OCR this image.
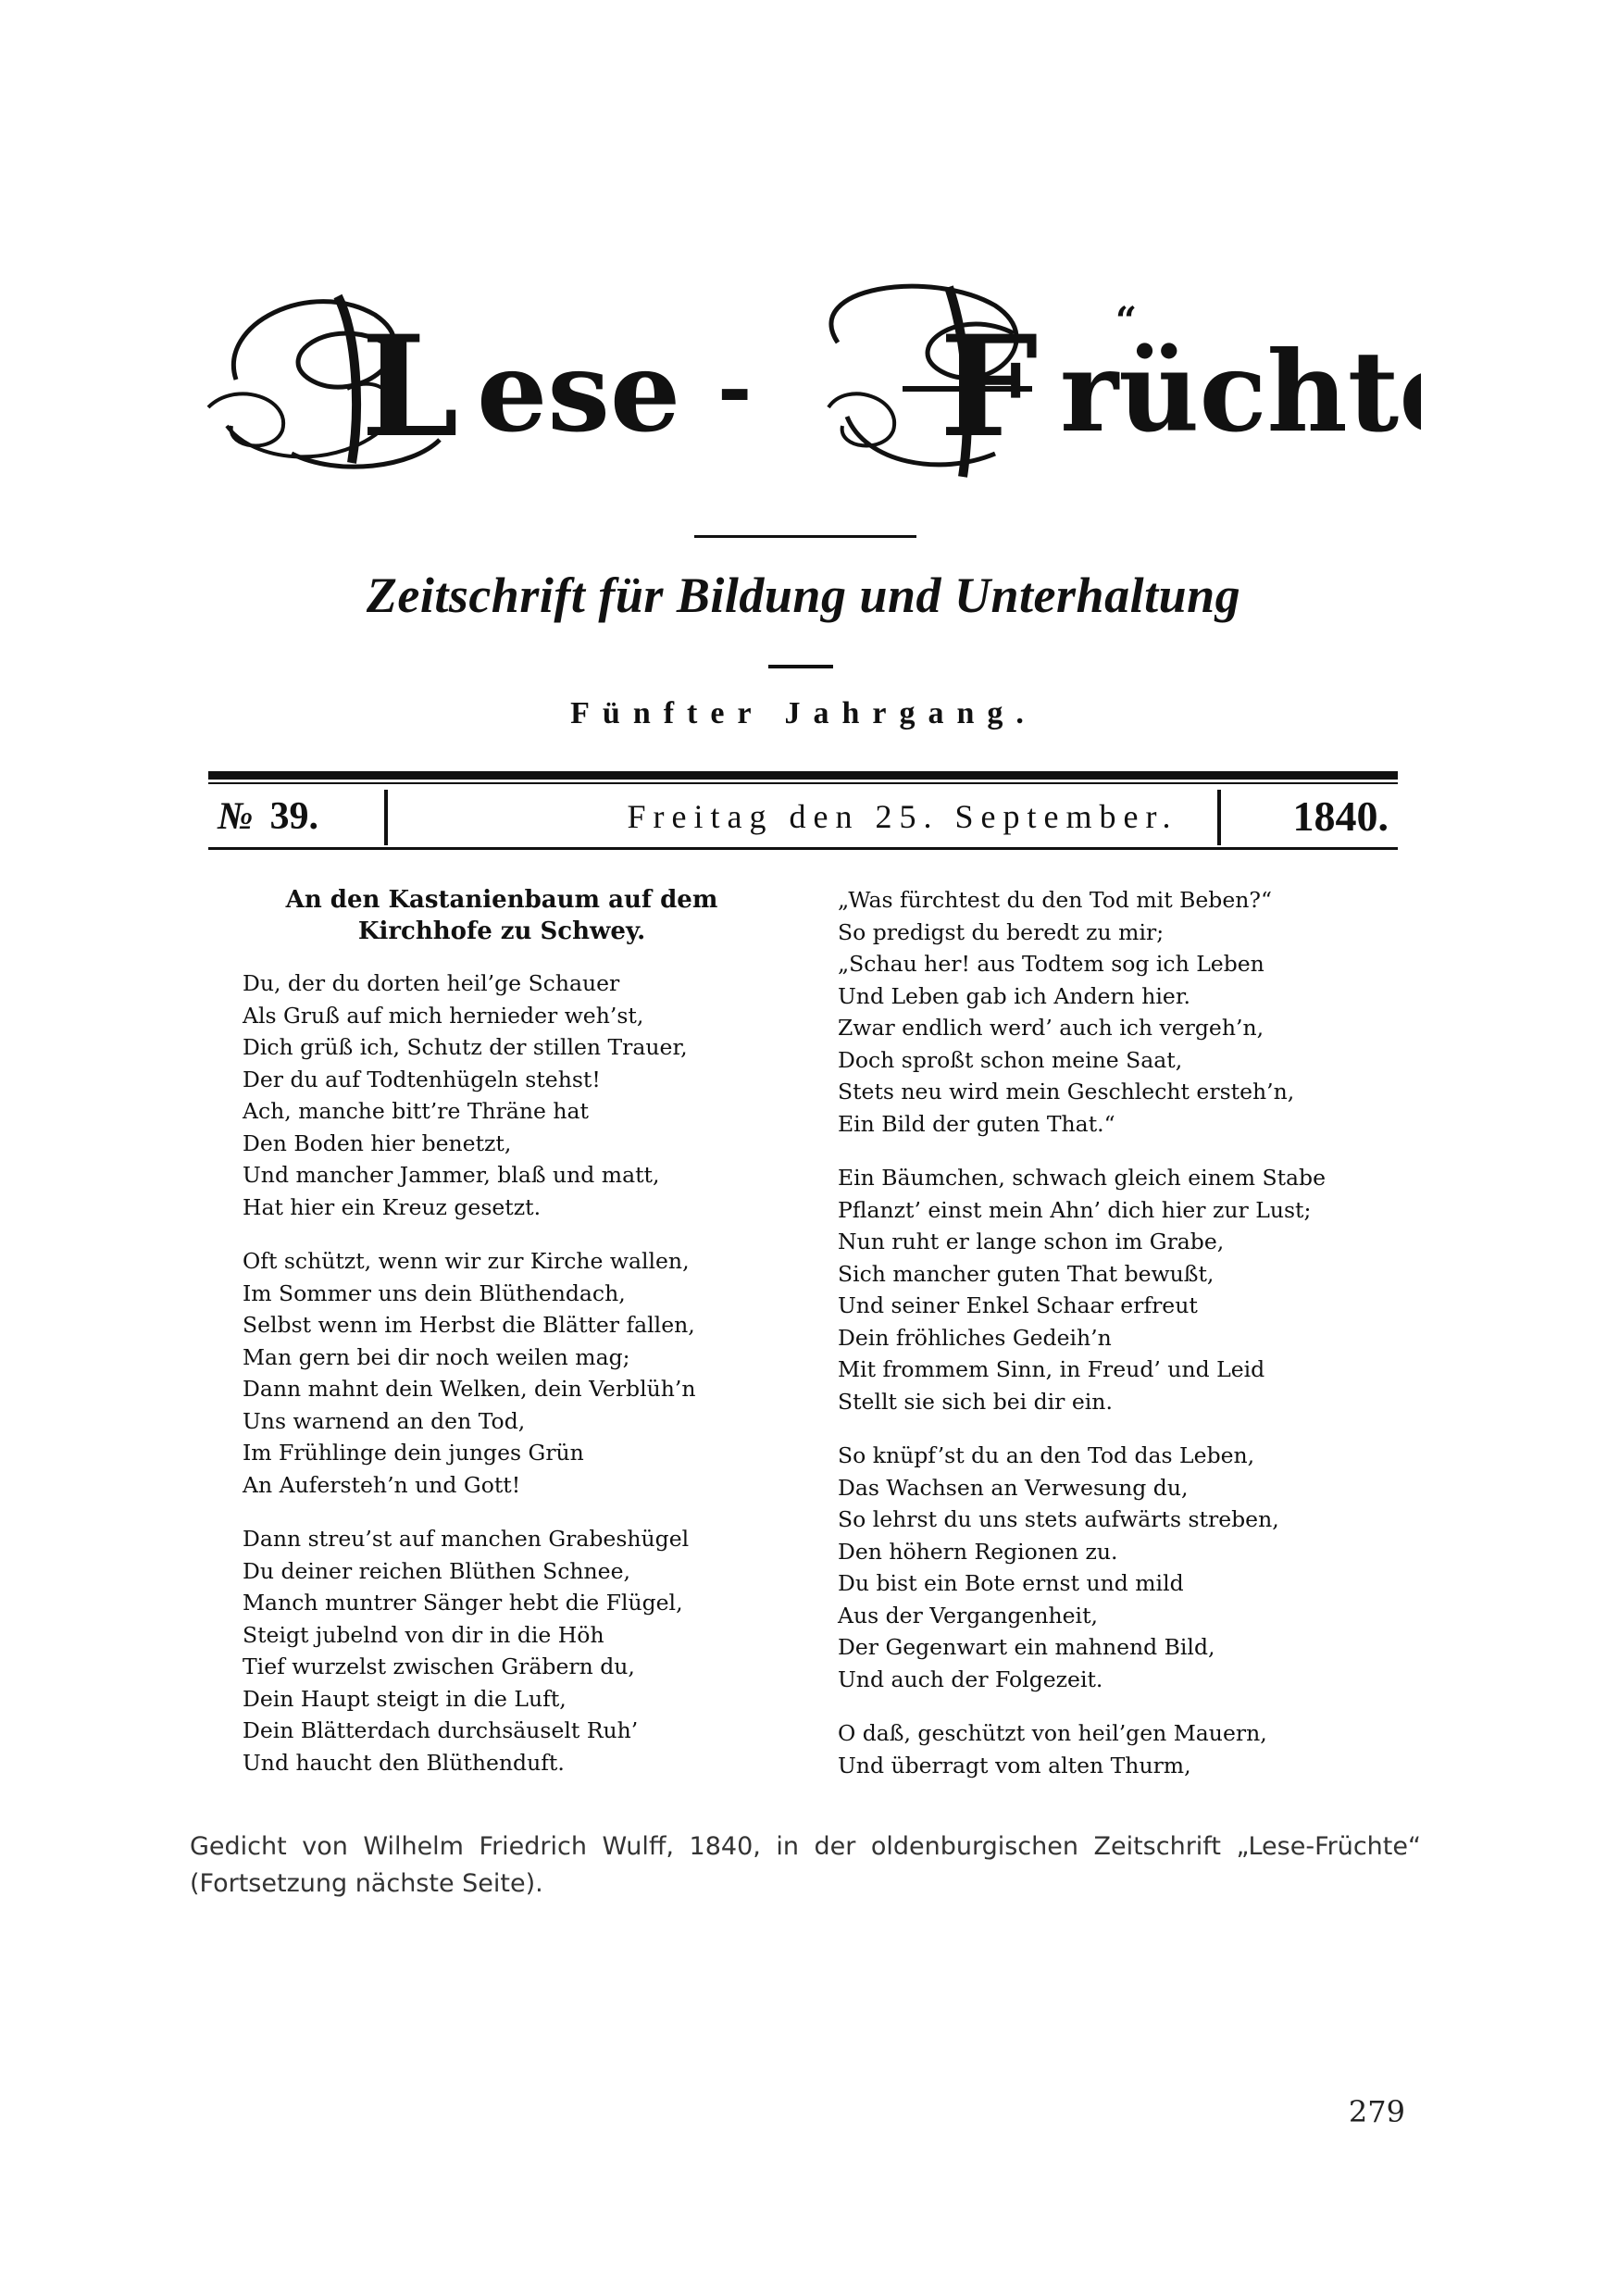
ese -	rücht
L	F “
Zeitschrift für Bildung und Unterhaltung
Fünfter Jahrgang.
№ 39.	Freitag den 25. September.	1840.
An den Kastanienbaum auf dem Kirchhofe zu Schwey.
Du, der du dorten heil’ge Schauer
Als Gruß auf mich hernieder weh’st,
Dich grüß ich, Schutz der stillen Trauer,
Der du auf Todtenhügeln stehst!
Ach, manche bitt’re Thräne hat
Den Boden hier benetzt,
Und mancher Jammer, blaß und matt,
Hat hier ein Kreuz gesetzt.
Oft schützt, wenn wir zur Kirche wallen,
Im Sommer uns dein Blüthendach,
Selbst wenn im Herbst die Blätter fallen,
Man gern bei dir noch weilen mag;
Dann mahnt dein Welken, dein Verblüh’n
Uns warnend an den Tod,
Im Frühlinge dein junges Grün
An Aufersteh’n und Gott!
Dann streu’st auf manchen Grabeshügel
Du deiner reichen Blüthen Schnee,
Manch muntrer Sänger hebt die Flügel,
Steigt jubelnd von dir in die Höh
Tief wurzelst zwischen Gräbern du,
Dein Haupt steigt in die Luft,
Dein Blätterdach durchsäuselt Ruh’
Und haucht den Blüthenduft.
„Was fürchtest du den Tod mit Beben?“
So predigst du beredt zu mir;
„Schau her! aus Todtem sog ich Leben
Und Leben gab ich Andern hier.
Zwar endlich werd’ auch ich vergeh’n,
Doch sproßt schon meine Saat,
Stets neu wird mein Geschlecht ersteh’n,
Ein Bild der guten That.“
Ein Bäumchen, schwach gleich einem Stabe
Pflanzt’ einst mein Ahn’ dich hier zur Lust;
Nun ruht er lange schon im Grabe,
Sich mancher guten That bewußt,
Und seiner Enkel Schaar erfreut
Dein fröhliches Gedeih’n
Mit frommem Sinn, in Freud’ und Leid
Stellt sie sich bei dir ein.
So knüpf’st du an den Tod das Leben,
Das Wachsen an Verwesung du,
So lehrst du uns stets aufwärts streben,
Den höhern Regionen zu.
Du bist ein Bote ernst und mild
Aus der Vergangenheit,
Der Gegenwart ein mahnend Bild,
Und auch der Folgezeit.
O daß, geschützt von heil’gen Mauern,
Und überragt vom alten Thurm,
Gedicht von Wilhelm Friedrich Wulff, 1840, in der oldenburgischen Zeitschrift „Lese-Früchte“ (Fortsetzung nächste Seite).
279
